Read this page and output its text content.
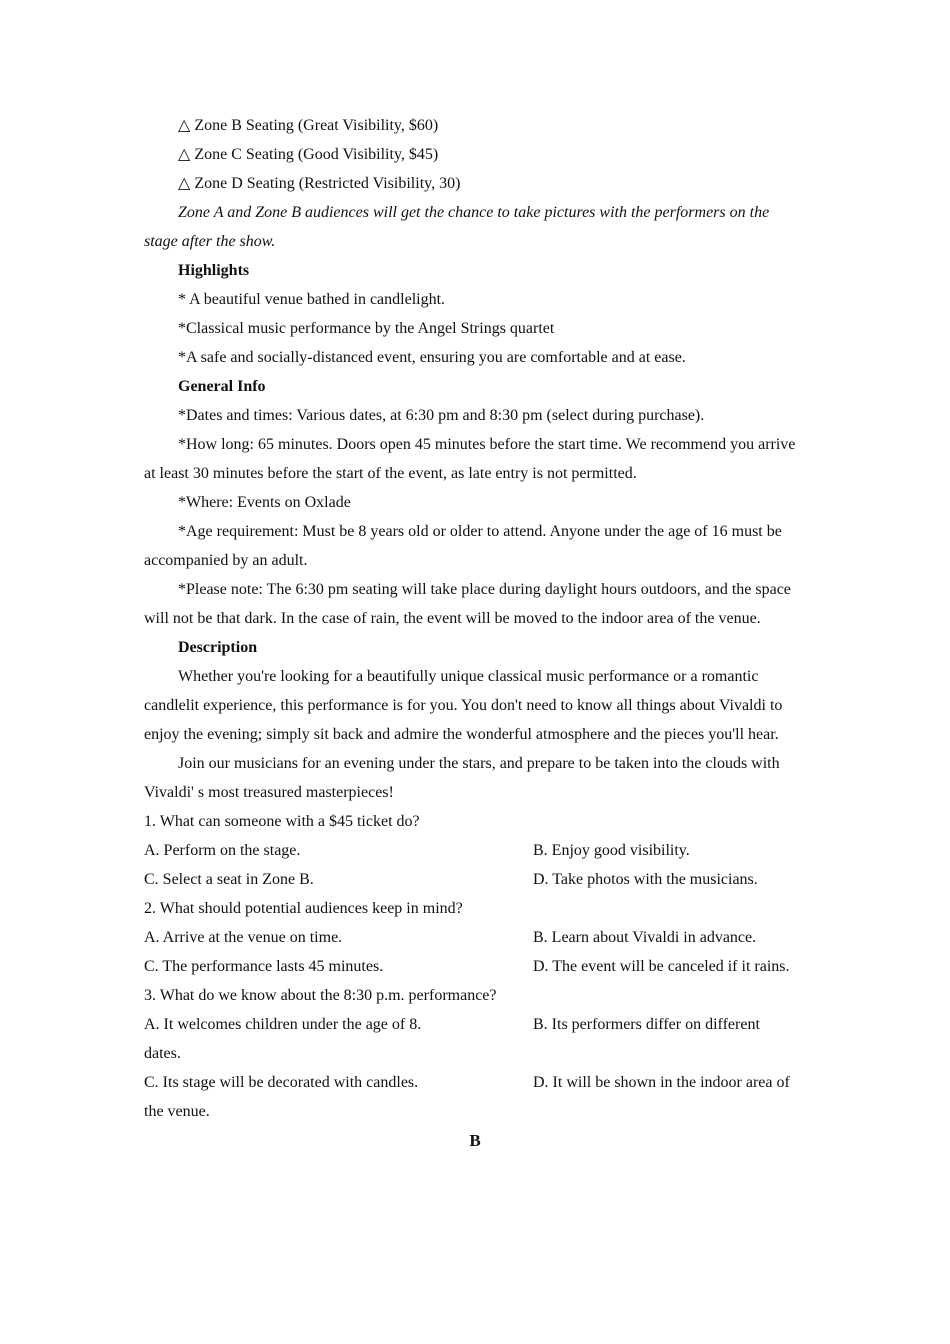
△ Zone B Seating (Great Visibility, $60)
△ Zone C Seating (Good Visibility, $45)
△ Zone D Seating (Restricted Visibility, 30)
Zone A and Zone B audiences will get the chance to take pictures with the performers on the stage after the show.
Highlights
* A beautiful venue bathed in candlelight.
*Classical music performance by the Angel Strings quartet
*A safe and socially-distanced event, ensuring you are comfortable and at ease.
General Info
*Dates and times: Various dates, at 6:30 pm and 8:30 pm (select during purchase).
*How long: 65 minutes. Doors open 45 minutes before the start time. We recommend you arrive at least 30 minutes before the start of the event, as late entry is not permitted.
*Where: Events on Oxlade
*Age requirement: Must be 8 years old or older to attend. Anyone under the age of 16 must be accompanied by an adult.
*Please note: The 6:30 pm seating will take place during daylight hours outdoors, and the space will not be that dark. In the case of rain, the event will be moved to the indoor area of the venue.
Description
Whether you're looking for a beautifully unique classical music performance or a romantic candlelit experience, this performance is for you. You don't need to know all things about Vivaldi to enjoy the evening; simply sit back and admire the wonderful atmosphere and the pieces you'll hear.
Join our musicians for an evening under the stars, and prepare to be taken into the clouds with Vivaldi' s most treasured masterpieces!
1. What can someone with a $45 ticket do?
A. Perform on the stage.	B. Enjoy good visibility.
C. Select a seat in Zone B.	D. Take photos with the musicians.
2. What should potential audiences keep in mind?
A. Arrive at the venue on time.	B. Learn about Vivaldi in advance.
C. The performance lasts 45 minutes.	D. The event will be canceled if it rains.
3. What do we know about the 8:30 p.m. performance?
A. It welcomes children under the age of 8.	B. Its performers differ on different
dates.
C. Its stage will be decorated with candles.	D. It will be shown in the indoor area of
the venue.
B
